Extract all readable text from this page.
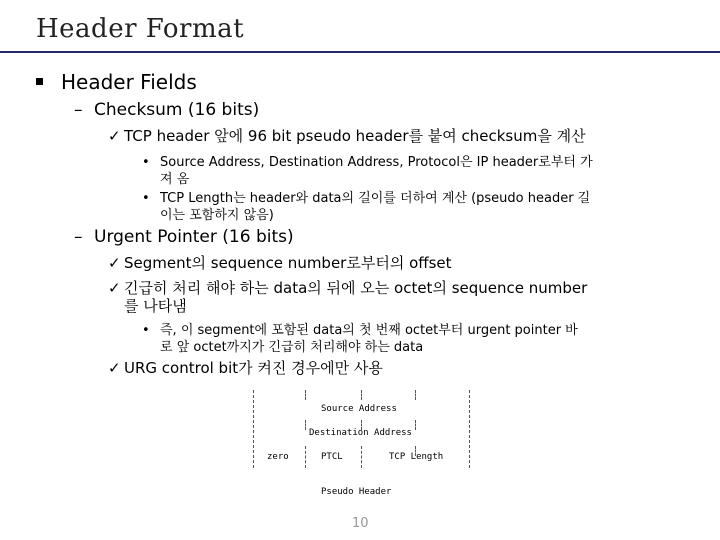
Header Format
Header Fields
– Checksum (16 bits)
✓ TCP header 앞에 96 bit pseudo header를 붙여 checksum을 계산
• Source Address, Destination Address, Protocol은 IP header로부터 가
져 옴
• TCP Length는 header와 data의 길이를 더하여 계산 (pseudo header 길
이는 포함하지 않음)
– Urgent Pointer (16 bits)
✓ Segment의 sequence number로부터의 offset
✓ 긴급히 처리 해야 하는 data의 뒤에 오는 octet의 sequence number
를 나타냄
• 즉, 이 segment에 포함된 data의 첫 번째 octet부터 urgent pointer 바
로 앞 octet까지가 긴급히 처리해야 하는 data
✓ URG control bit가 켜진 경우에만 사용
Source Address
Destination Address
zero	PTCL	TCP Length
Pseudo Header
10
